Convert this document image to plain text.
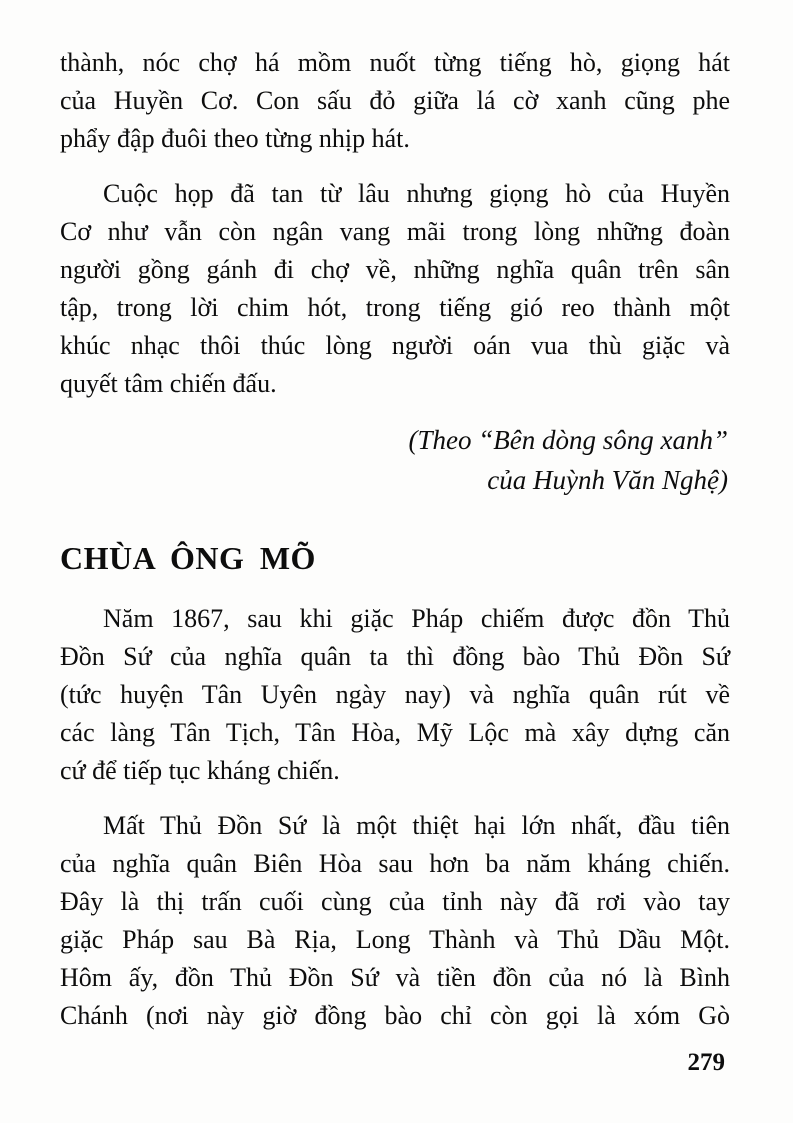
thành, nóc chợ há mồm nuốt từng tiếng hò, giọng hát
của Huyền Cơ. Con sấu đỏ giữa lá cờ xanh cũng phe
phẩy đập đuôi theo từng nhịp hát.
Cuộc họp đã tan từ lâu nhưng giọng hò của Huyền
Cơ như vẫn còn ngân vang mãi trong lòng những đoàn
người gồng gánh đi chợ về, những nghĩa quân trên sân
tập, trong lời chim hót, trong tiếng gió reo thành một
khúc nhạc thôi thúc lòng người oán vua thù giặc và
quyết tâm chiến đấu.
(Theo “Bên dòng sông xanh”
của Huỳnh Văn Nghệ)
CHÙA ÔNG MÕ
Năm 1867, sau khi giặc Pháp chiếm được đồn Thủ
Đồn Sứ của nghĩa quân ta thì đồng bào Thủ Đồn Sứ
(tức huyện Tân Uyên ngày nay) và nghĩa quân rút về
các làng Tân Tịch, Tân Hòa, Mỹ Lộc mà xây dựng căn
cứ để tiếp tục kháng chiến.
Mất Thủ Đồn Sứ là một thiệt hại lớn nhất, đầu tiên
của nghĩa quân Biên Hòa sau hơn ba năm kháng chiến.
Đây là thị trấn cuối cùng của tỉnh này đã rơi vào tay
giặc Pháp sau Bà Rịa, Long Thành và Thủ Dầu Một.
Hôm ấy, đồn Thủ Đồn Sứ và tiền đồn của nó là Bình
Chánh (nơi này giờ đồng bào chỉ còn gọi là xóm Gò
279
